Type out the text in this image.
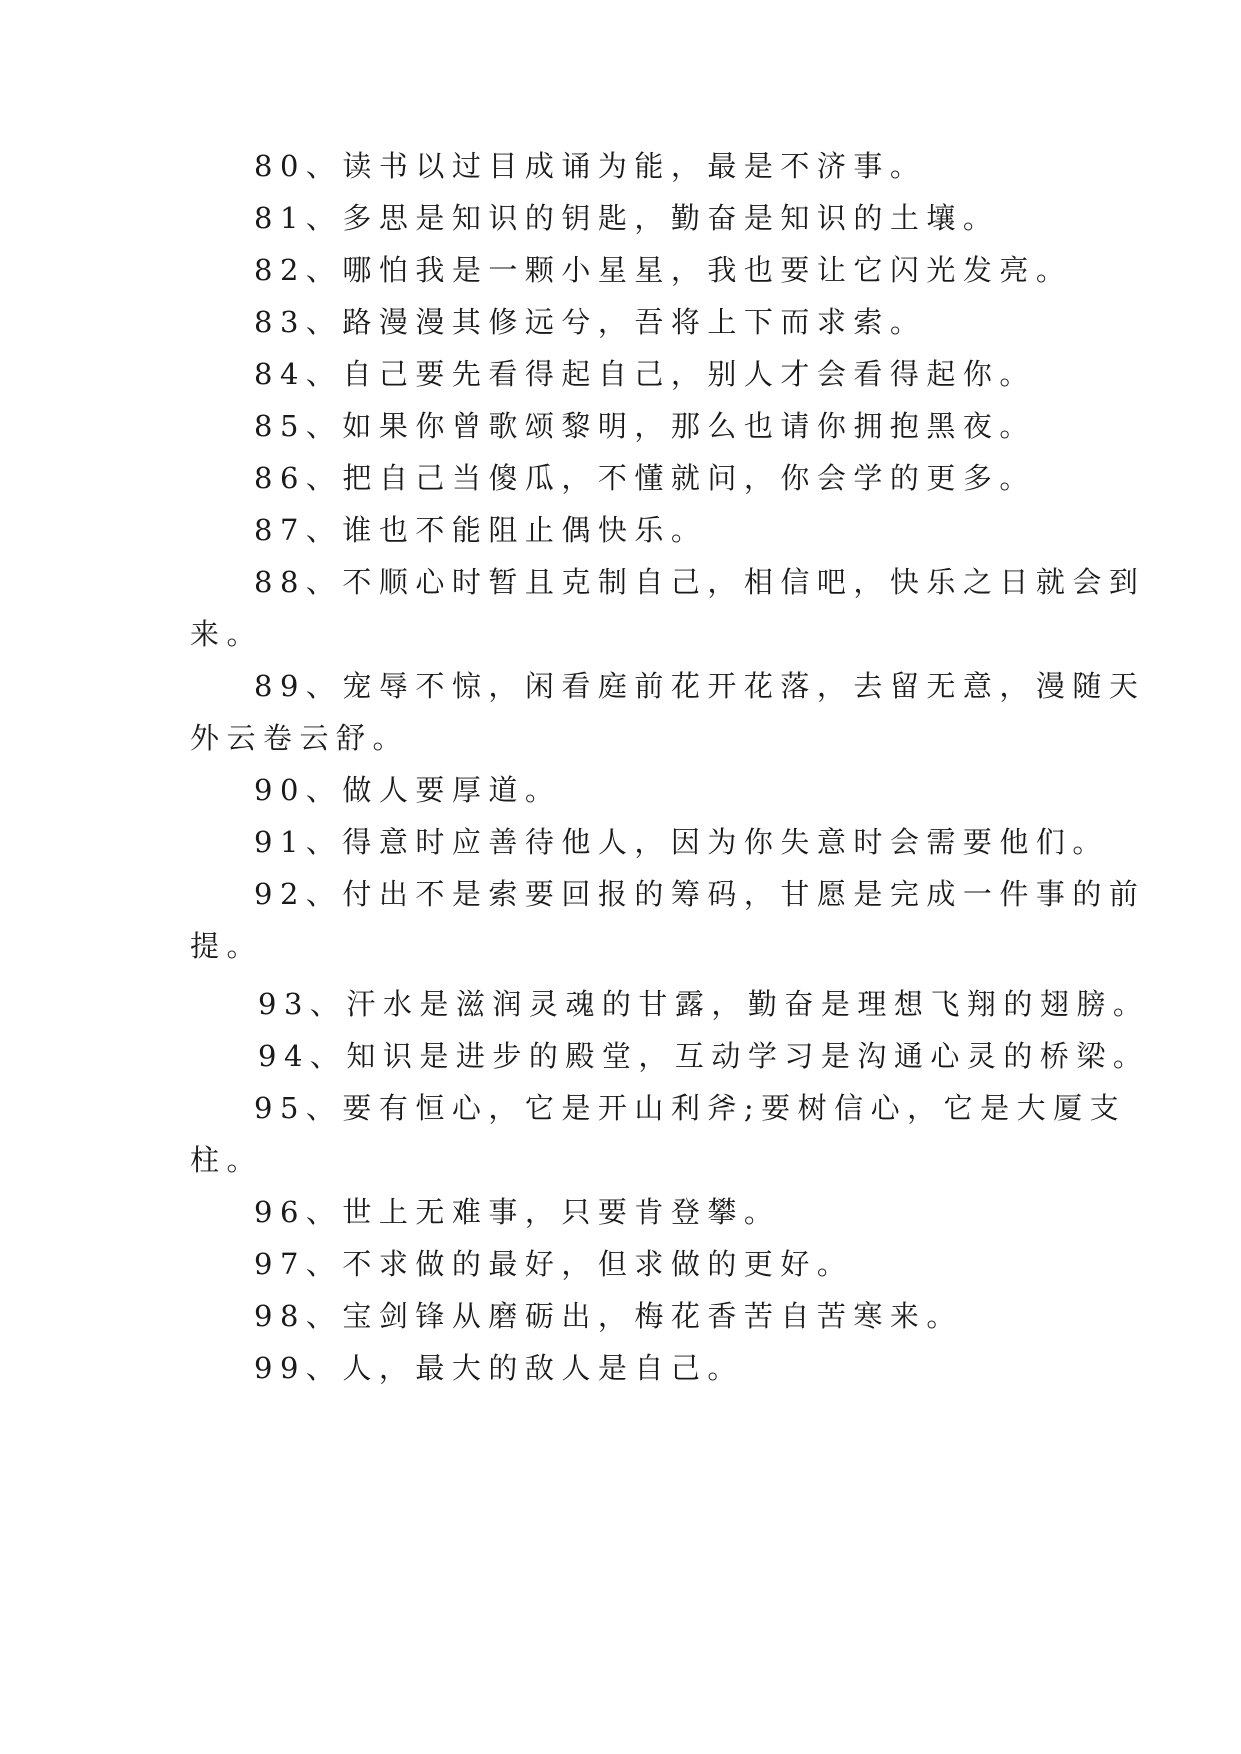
80、读书以过目成诵为能，最是不济事。
81、多思是知识的钥匙，勤奋是知识的土壤。
82、哪怕我是一颗小星星，我也要让它闪光发亮。
83、路漫漫其修远兮，吾将上下而求索。
84、自己要先看得起自己，别人才会看得起你。
85、如果你曾歌颂黎明，那么也请你拥抱黑夜。
86、把自己当傻瓜，不懂就问，你会学的更多。
87、谁也不能阻止偶快乐。
88、不顺心时暂且克制自己，相信吧，快乐之日就会到
来。
89、宠辱不惊，闲看庭前花开花落，去留无意，漫随天
外云卷云舒。
90、做人要厚道。
91、得意时应善待他人，因为你失意时会需要他们。
92、付出不是索要回报的筹码，甘愿是完成一件事的前
提。
93、汗水是滋润灵魂的甘露，勤奋是理想飞翔的翅膀。
94、知识是进步的殿堂，互动学习是沟通心灵的桥梁。
95、要有恒心，它是开山利斧;要树信心，它是大厦支
柱。
96、世上无难事，只要肯登攀。
97、不求做的最好，但求做的更好。
98、宝剑锋从磨砺出，梅花香苦自苦寒来。
99、人，最大的敌人是自己。
